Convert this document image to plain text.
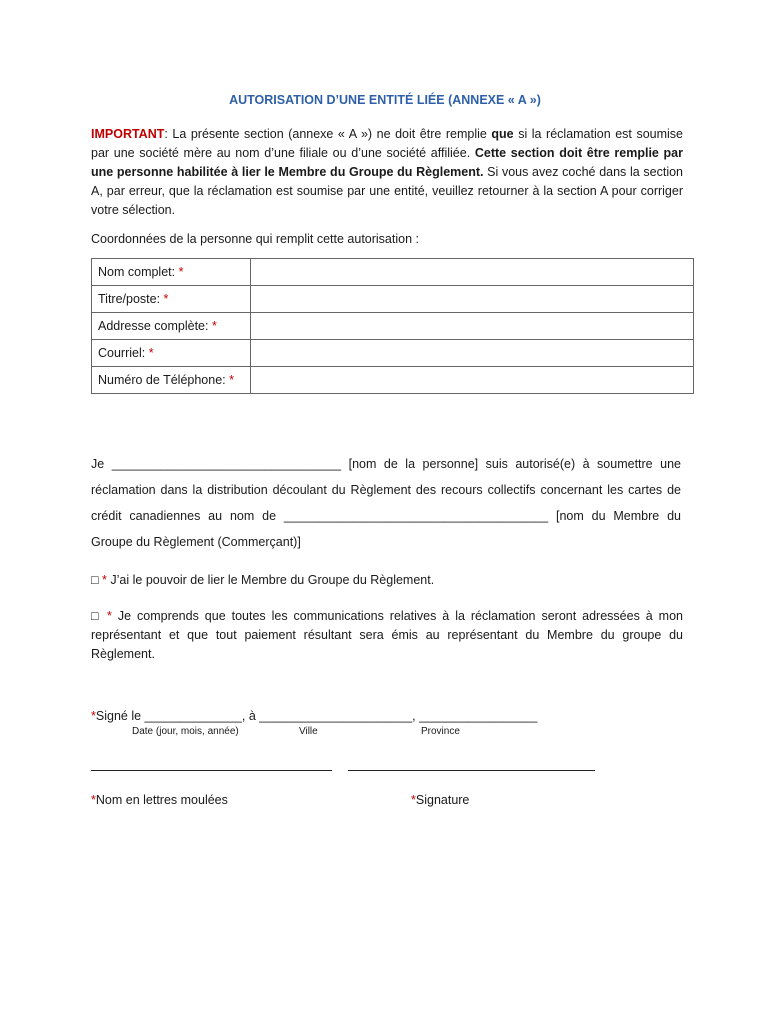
AUTORISATION D’UNE ENTITÉ LIÉE (ANNEXE « A »)
IMPORTANT: La présente section (annexe « A ») ne doit être remplie que si la réclamation est soumise par une société mère au nom d’une filiale ou d’une société affiliée. Cette section doit être remplie par une personne habilitée à lier le Membre du Groupe du Règlement. Si vous avez coché dans la section A, par erreur, que la réclamation est soumise par une entité, veuillez retourner à la section A pour corriger votre sélection.
Coordonnées de la personne qui remplit cette autorisation :
Nom complet: *	
Titre/poste: *	
Addresse complète: *	
Courriel: *	
Numéro de Téléphone: *	
Je _________________________________ [nom de la personne] suis autorisé(e) à soumettre une
réclamation dans la distribution découlant du Règlement des recours collectifs concernant les cartes de
crédit canadiennes au nom de ______________________________________ [nom du Membre du
Groupe du Règlement (Commerçant)]
□ * J’ai le pouvoir de lier le Membre du Groupe du Règlement.
□ * Je comprends que toutes les communications relatives à la réclamation seront adressées à mon représentant et que tout paiement résultant sera émis au représentant du Membre du groupe du Règlement.
*Signé le ______________, à ______________________, _________________
Date (jour, mois, année)	Ville	Province
*Nom en lettres moulées	*Signature
